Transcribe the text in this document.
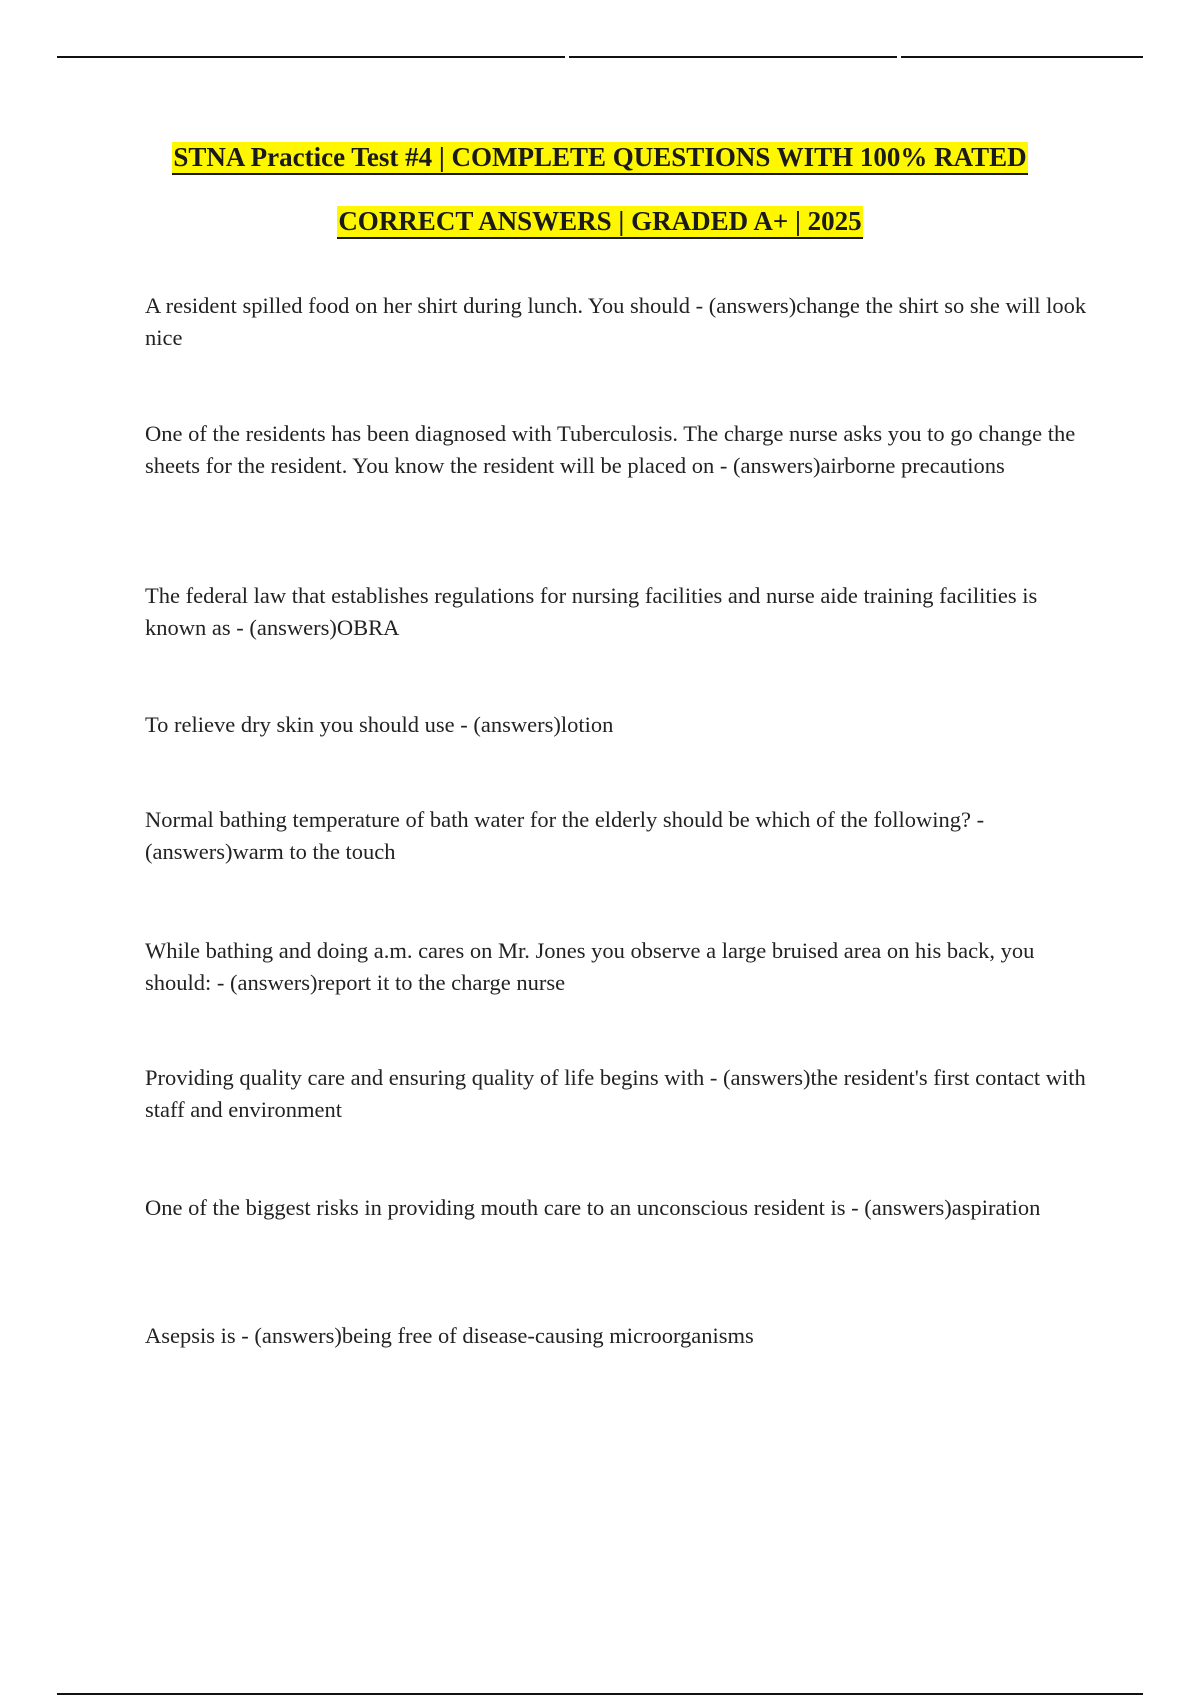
STNA Practice Test #4 | COMPLETE QUESTIONS WITH 100% RATED
CORRECT ANSWERS | GRADED A+ | 2025

A resident spilled food on her shirt during lunch. You should - (answers)change the shirt so she will look nice

One of the residents has been diagnosed with Tuberculosis. The charge nurse asks you to go change the sheets for the resident. You know the resident will be placed on - (answers)airborne precautions

The federal law that establishes regulations for nursing facilities and nurse aide training facilities is known as - (answers)OBRA

To relieve dry skin you should use - (answers)lotion

Normal bathing temperature of bath water for the elderly should be which of the following? - (answers)warm to the touch

While bathing and doing a.m. cares on Mr. Jones you observe a large bruised area on his back, you should: - (answers)report it to the charge nurse

Providing quality care and ensuring quality of life begins with - (answers)the resident's first contact with staff and environment

One of the biggest risks in providing mouth care to an unconscious resident is - (answers)aspiration

Asepsis is - (answers)being free of disease-causing microorganisms
